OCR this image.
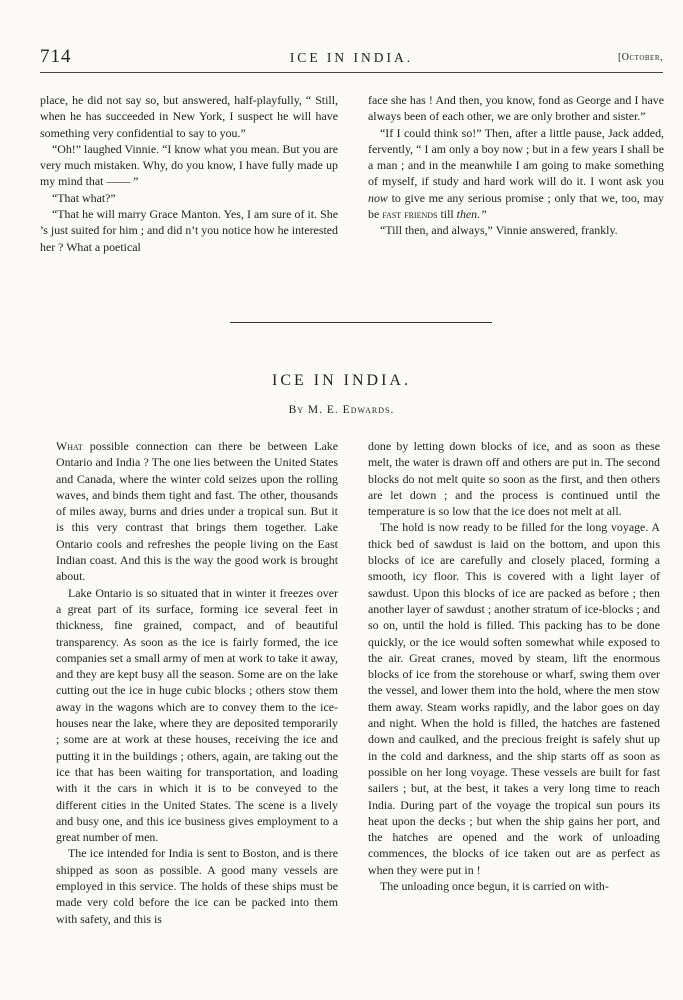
714	ICE IN INDIA.	[October,

place, he did not say so, but answered, half-playfully, “ Still, when he has succeeded in New York, I suspect he will have something very confidential to say to you.”

“Oh!” laughed Vinnie. “I know what you mean. But you are very much mistaken. Why, do you know, I have fully made up my mind that —— ”

“That what?”

“That he will marry Grace Manton. Yes, I am sure of it. She ’s just suited for him ; and did n’t you notice how he interested her ? What a poetical

face she has ! And then, you know, fond as George and I have always been of each other, we are only brother and sister.”

“If I could think so!” Then, after a little pause, Jack added, fervently, “ I am only a boy now ; but in a few years I shall be a man ; and in the meanwhile I am going to make something of myself, if study and hard work will do it. I wont ask you now to give me any serious promise ; only that we, too, may be fast friends till then.”

“Till then, and always,” Vinnie answered, frankly.

ICE IN INDIA.
By M. E. Edwards.

What possible connection can there be between Lake Ontario and India ? The one lies between the United States and Canada, where the winter cold seizes upon the rolling waves, and binds them tight and fast. The other, thousands of miles away, burns and dries under a tropical sun. But it is this very contrast that brings them together. Lake Ontario cools and refreshes the people living on the East Indian coast. And this is the way the good work is brought about.

Lake Ontario is so situated that in winter it freezes over a great part of its surface, forming ice several feet in thickness, fine grained, compact, and of beautiful transparency. As soon as the ice is fairly formed, the ice companies set a small army of men at work to take it away, and they are kept busy all the season. Some are on the lake cutting out the ice in huge cubic blocks ; others stow them away in the wagons which are to convey them to the ice-houses near the lake, where they are deposited temporarily ; some are at work at these houses, receiving the ice and putting it in the buildings ; others, again, are taking out the ice that has been waiting for transportation, and loading with it the cars in which it is to be conveyed to the different cities in the United States. The scene is a lively and busy one, and this ice business gives employment to a great number of men.

The ice intended for India is sent to Boston, and is there shipped as soon as possible. A good many vessels are employed in this service. The holds of these ships must be made very cold before the ice can be packed into them with safety, and this is

done by letting down blocks of ice, and as soon as these melt, the water is drawn off and others are put in. The second blocks do not melt quite so soon as the first, and then others are let down ; and the process is continued until the temperature is so low that the ice does not melt at all.

The hold is now ready to be filled for the long voyage. A thick bed of sawdust is laid on the bottom, and upon this blocks of ice are carefully and closely placed, forming a smooth, icy floor. This is covered with a light layer of sawdust. Upon this blocks of ice are packed as before ; then another layer of sawdust ; another stratum of ice-blocks ; and so on, until the hold is filled. This packing has to be done quickly, or the ice would soften somewhat while exposed to the air. Great cranes, moved by steam, lift the enormous blocks of ice from the storehouse or wharf, swing them over the vessel, and lower them into the hold, where the men stow them away. Steam works rapidly, and the labor goes on day and night. When the hold is filled, the hatches are fastened down and caulked, and the precious freight is safely shut up in the cold and darkness, and the ship starts off as soon as possible on her long voyage. These vessels are built for fast sailers ; but, at the best, it takes a very long time to reach India. During part of the voyage the tropical sun pours its heat upon the decks ; but when the ship gains her port, and the hatches are opened and the work of unloading commences, the blocks of ice taken out are as perfect as when they were put in !

The unloading once begun, it is carried on with-
